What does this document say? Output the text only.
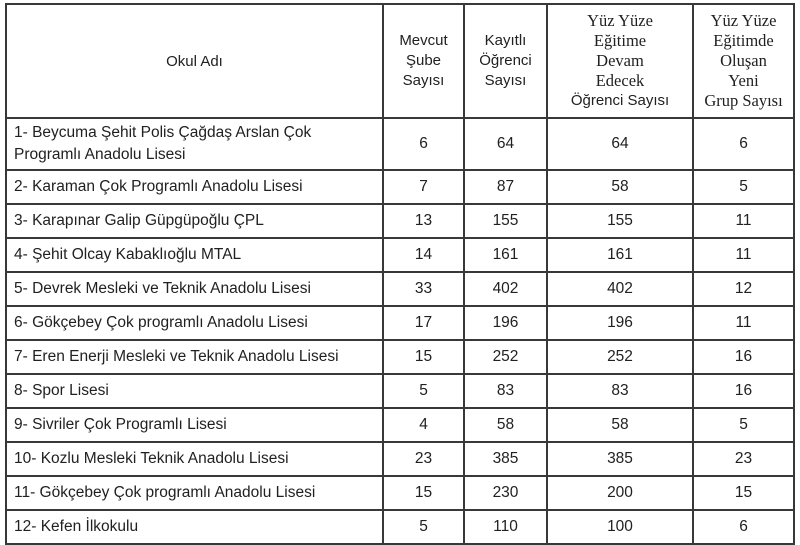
Okul Adı	Mevcut
Şube
Sayısı	Kayıtlı
Öğrenci
Sayısı	Yüz Yüze
Eğitime
Devam
Edecek
Öğrenci Sayısı	Yüz Yüze
Eğitimde
Oluşan
Yeni
Grup Sayısı

1- Beycuma Şehit Polis Çağdaş Arslan Çok Programlı Anadolu Lisesi	6	64	64	6
2- Karaman Çok Programlı Anadolu Lisesi	7	87	58	5
3- Karapınar Galip Güpgüpoğlu ÇPL	13	155	155	11
4- Şehit Olcay Kabaklıoğlu MTAL	14	161	161	11
5- Devrek Mesleki ve Teknik Anadolu Lisesi	33	402	402	12
6- Gökçebey Çok programlı Anadolu Lisesi	17	196	196	11
7- Eren Enerji Mesleki ve Teknik Anadolu Lisesi	15	252	252	16
8- Spor Lisesi	5	83	83	16
9- Sivriler Çok Programlı Lisesi	4	58	58	5
10- Kozlu Mesleki Teknik Anadolu Lisesi	23	385	385	23
11- Gökçebey Çok programlı Anadolu Lisesi	15	230	200	15
12- Kefen İlkokulu	5	110	100	6
